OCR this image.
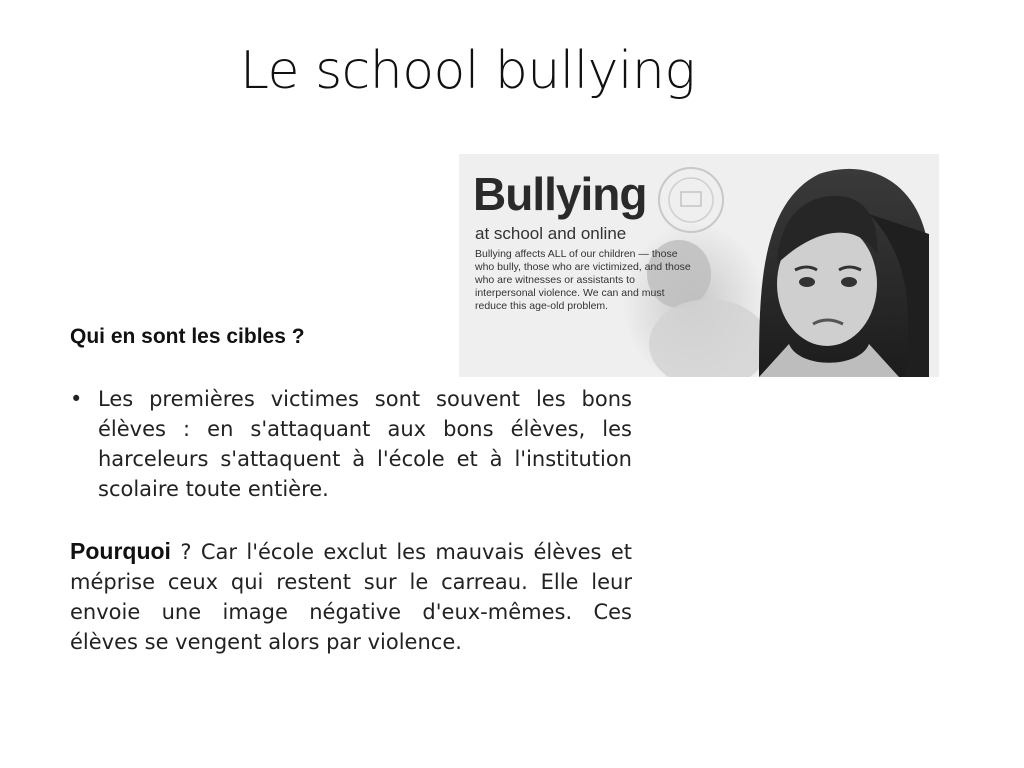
Le school bullying
Bullying
at school and online
Bullying affects ALL of our children — those who bully, those who are victimized, and those who are witnesses or assistants to interpersonal violence. We can and must reduce this age-old problem.
Qui en sont les cibles ?
• Les premières victimes sont souvent les bons élèves : en s'attaquant aux bons élèves, les harceleurs s'attaquent à l'école et à l'institution scolaire toute entière.
Pourquoi ? Car l'école exclut les mauvais élèves et méprise ceux qui restent sur le carreau. Elle leur envoie une image négative d'eux-mêmes. Ces élèves se vengent alors par violence.
